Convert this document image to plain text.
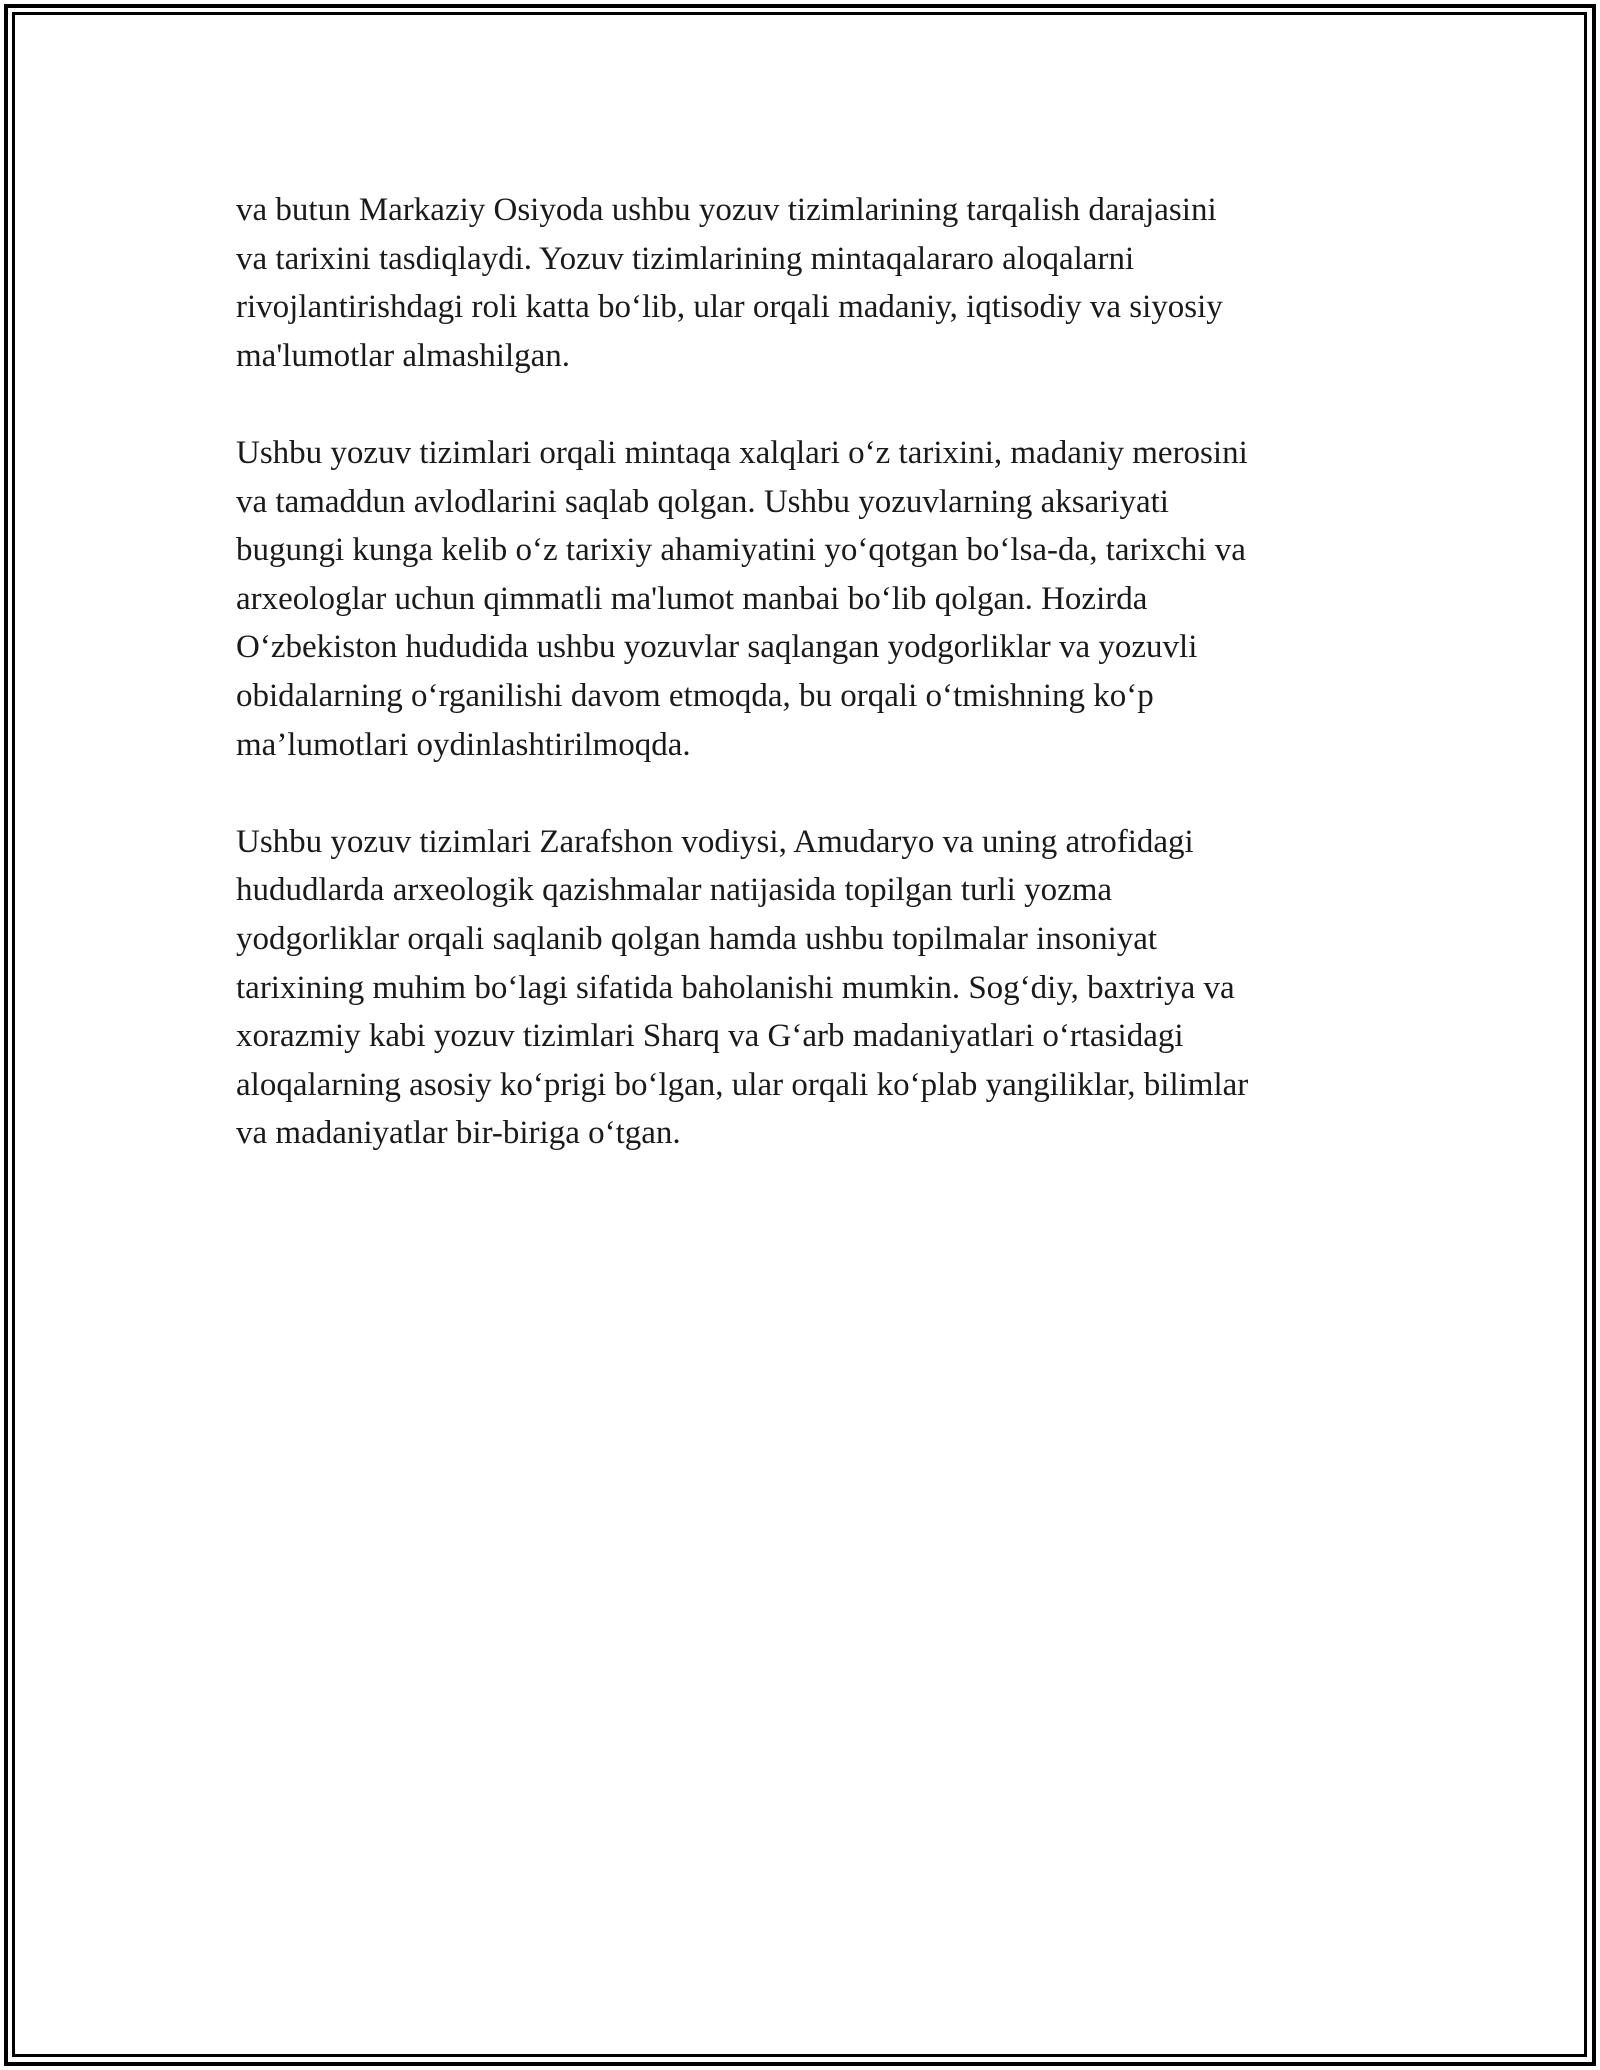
va butun Markaziy Osiyoda ushbu yozuv tizimlarining tarqalish darajasini
va tarixini tasdiqlaydi. Yozuv tizimlarining mintaqalararo aloqalarni
rivojlantirishdagi roli katta bo‘lib, ular orqali madaniy, iqtisodiy va siyosiy
ma'lumotlar almashilgan.

Ushbu yozuv tizimlari orqali mintaqa xalqlari o‘z tarixini, madaniy merosini
va tamaddun avlodlarini saqlab qolgan. Ushbu yozuvlarning aksariyati
bugungi kunga kelib o‘z tarixiy ahamiyatini yo‘qotgan bo‘lsa-da, tarixchi va
arxeologlar uchun qimmatli ma'lumot manbai bo‘lib qolgan. Hozirda
O‘zbekiston hududida ushbu yozuvlar saqlangan yodgorliklar va yozuvli
obidalarning o‘rganilishi davom etmoqda, bu orqali o‘tmishning ko‘p
ma’lumotlari oydinlashtirilmoqda.

Ushbu yozuv tizimlari Zarafshon vodiysi, Amudaryo va uning atrofidagi
hududlarda arxeologik qazishmalar natijasida topilgan turli yozma
yodgorliklar orqali saqlanib qolgan hamda ushbu topilmalar insoniyat
tarixining muhim bo‘lagi sifatida baholanishi mumkin. Sog‘diy, baxtriya va
xorazmiy kabi yozuv tizimlari Sharq va G‘arb madaniyatlari o‘rtasidagi
aloqalarning asosiy ko‘prigi bo‘lgan, ular orqali ko‘plab yangiliklar, bilimlar
va madaniyatlar bir-biriga o‘tgan.
